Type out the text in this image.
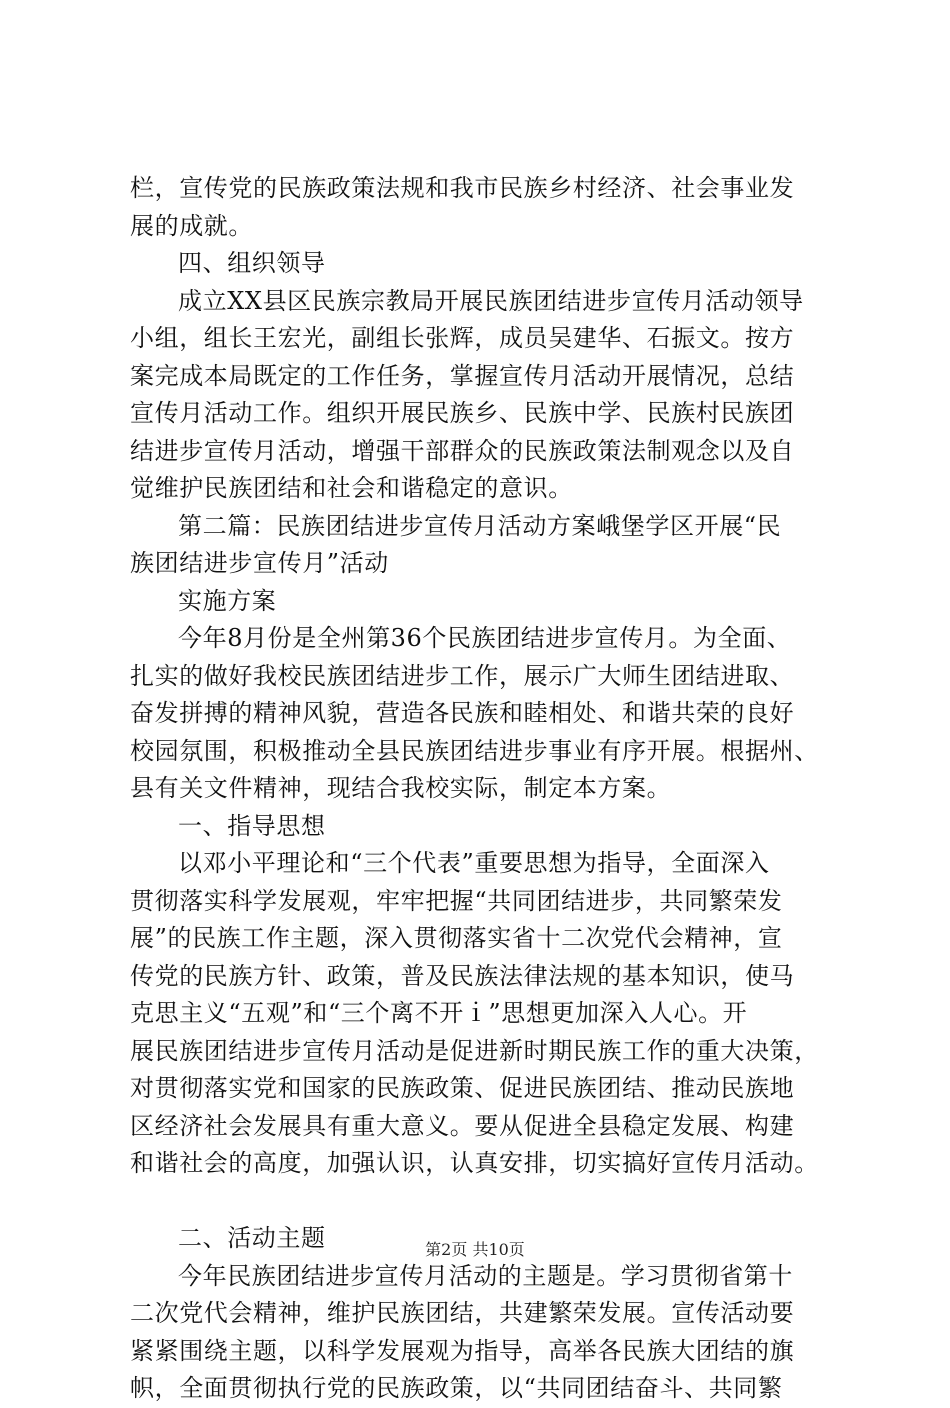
栏，宣传党的民族政策法规和我市民族乡村经济、社会事业发
展的成就。
四、组织领导
成立XX县区民族宗教局开展民族团结进步宣传月活动领导
小组，组长王宏光，副组长张辉，成员吴建华、石振文。按方
案完成本局既定的工作任务，掌握宣传月活动开展情况，总结
宣传月活动工作。组织开展民族乡、民族中学、民族村民族团
结进步宣传月活动，增强干部群众的民族政策法制观念以及自
觉维护民族团结和社会和谐稳定的意识。
第二篇：民族团结进步宣传月活动方案峨堡学区开展“民
族团结进步宣传月”活动
实施方案
今年8月份是全州第36个民族团结进步宣传月。为全面、
扎实的做好我校民族团结进步工作，展示广大师生团结进取、
奋发拼搏的精神风貌，营造各民族和睦相处、和谐共荣的良好
校园氛围，积极推动全县民族团结进步事业有序开展。根据州、
县有关文件精神，现结合我校实际，制定本方案。
一、指导思想
以邓小平理论和“三个代表”重要思想为指导，全面深入
贯彻落实科学发展观，牢牢把握“共同团结进步，共同繁荣发
展”的民族工作主题，深入贯彻落实省十二次党代会精神，宣
传党的民族方针、政策，普及民族法律法规的基本知识，使马
克思主义“五观”和“三个离不开ｉ”思想更加深入人心。开
展民族团结进步宣传月活动是促进新时期民族工作的重大决策，
对贯彻落实党和国家的民族政策、促进民族团结、推动民族地
区经济社会发展具有重大意义。要从促进全县稳定发展、构建
和谐社会的高度，加强认识，认真安排，切实搞好宣传月活动。
二、活动主题
今年民族团结进步宣传月活动的主题是。学习贯彻省第十
二次党代会精神，维护民族团结，共建繁荣发展。宣传活动要
紧紧围绕主题，以科学发展观为指导，高举各民族大团结的旗
帜，全面贯彻执行党的民族政策，以“共同团结奋斗、共同繁
第2页 共10页
